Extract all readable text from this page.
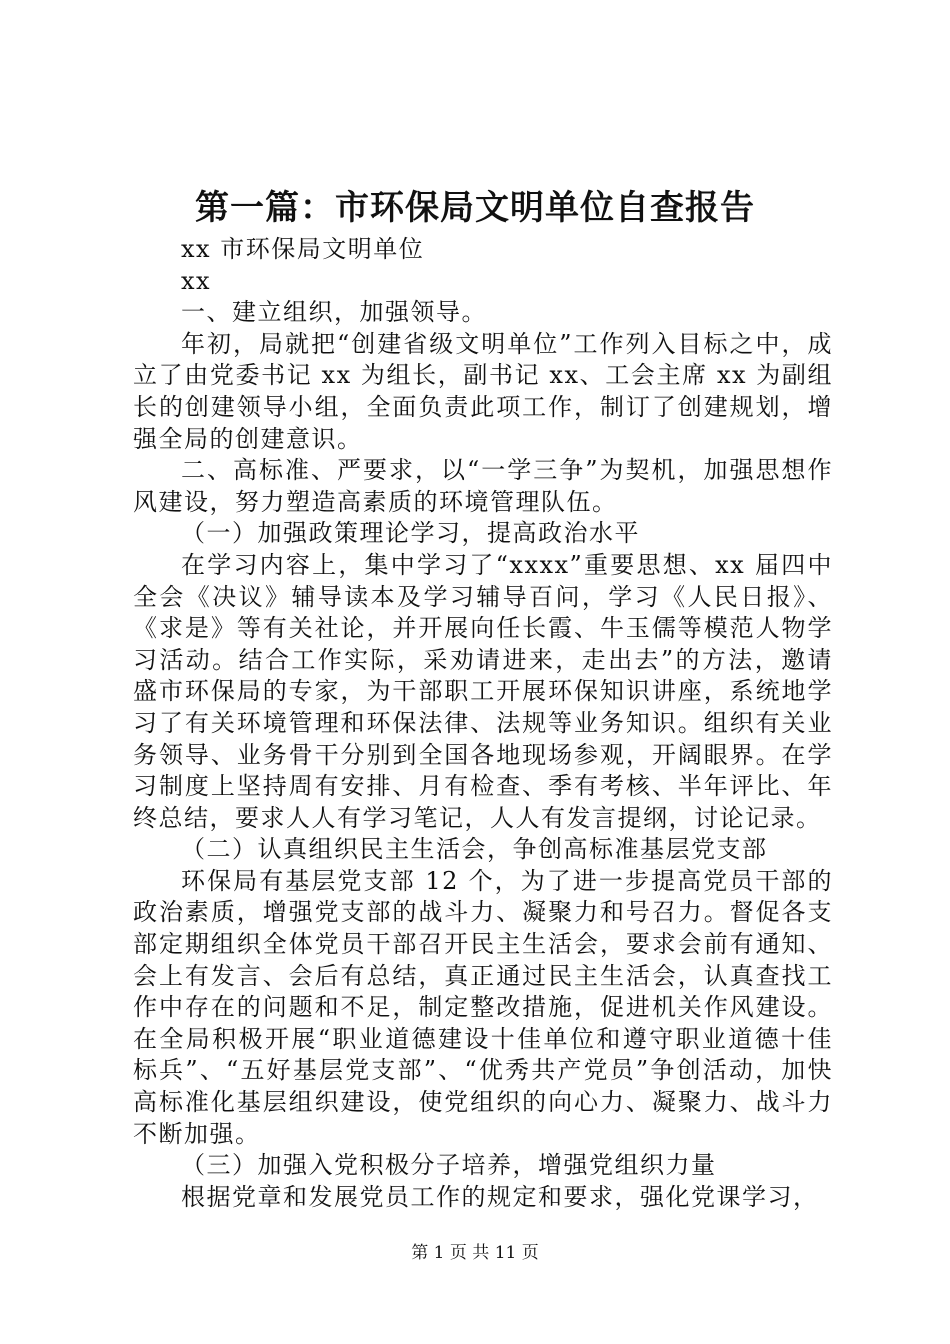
第一篇：市环保局文明单位自查报告

xx 市环保局文明单位

xx

一、建立组织，加强领导。

年初，局就把“创建省级文明单位”工作列入目标之中，成立了由党委书记 xx 为组长，副书记 xx、工会主席 xx 为副组长的创建领导小组，全面负责此项工作，制订了创建规划，增强全局的创建意识。

二、高标准、严要求，以“一学三争”为契机，加强思想作风建设，努力塑造高素质的环境管理队伍。

（一）加强政策理论学习，提高政治水平

在学习内容上，集中学习了“xxxx”重要思想、xx 届四中全会《决议》辅导读本及学习辅导百问，学习《人民日报》、《求是》等有关社论，并开展向任长霞、牛玉儒等模范人物学习活动。结合工作实际，采劝请进来，走出去”的方法，邀请盛市环保局的专家，为干部职工开展环保知识讲座，系统地学习了有关环境管理和环保法律、法规等业务知识。组织有关业务领导、业务骨干分别到全国各地现场参观，开阔眼界。在学习制度上坚持周有安排、月有检查、季有考核、半年评比、年终总结，要求人人有学习笔记，人人有发言提纲，讨论记录。

（二）认真组织民主生活会，争创高标准基层党支部

环保局有基层党支部 12 个，为了进一步提高党员干部的政治素质，增强党支部的战斗力、凝聚力和号召力。督促各支部定期组织全体党员干部召开民主生活会，要求会前有通知、会上有发言、会后有总结，真正通过民主生活会，认真查找工作中存在的问题和不足，制定整改措施，促进机关作风建设。在全局积极开展“职业道德建设十佳单位和遵守职业道德十佳标兵”、“五好基层党支部”、“优秀共产党员”争创活动，加快高标准化基层组织建设，使党组织的向心力、凝聚力、战斗力不断加强。

（三）加强入党积极分子培养，增强党组织力量

根据党章和发展党员工作的规定和要求，强化党课学习，

第 1 页 共 11 页
